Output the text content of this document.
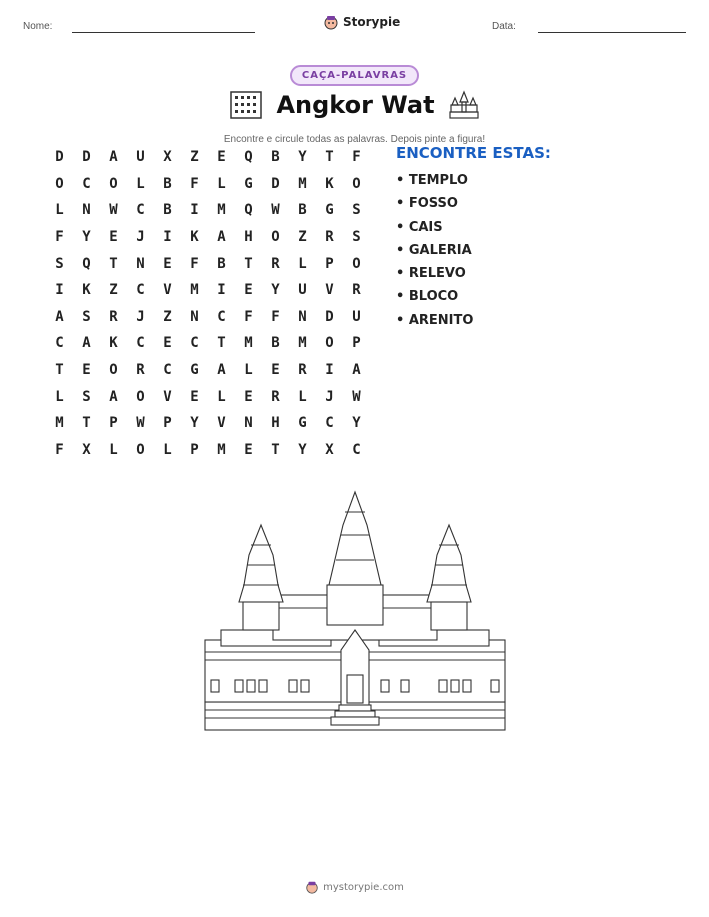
Nome:	Storypie	Data:
CAÇA-PALAVRAS
Angkor Wat
Encontre e circule todas as palavras. Depois pinte a figura!
D	D	A	U	X	Z	E	Q	B	Y	T	F
O	C	O	L	B	F	L	G	D	M	K	O
L	N	W	C	B	I	M	Q	W	B	G	S
F	Y	E	J	I	K	A	H	O	Z	R	S
S	Q	T	N	E	F	B	T	R	L	P	O
I	K	Z	C	V	M	I	E	Y	U	V	R
A	S	R	J	Z	N	C	F	F	N	D	U
C	A	K	C	E	C	T	M	B	M	O	P
T	E	O	R	C	G	A	L	E	R	I	A
L	S	A	O	V	E	L	E	R	L	J	W
M	T	P	W	P	Y	V	N	H	G	C	Y
F	X	L	O	L	P	M	E	T	Y	X	C
ENCONTRE ESTAS:
• TEMPLO
• FOSSO
• CAIS
• GALERIA
• RELEVO
• BLOCO
• ARENITO
mystorypie.com
